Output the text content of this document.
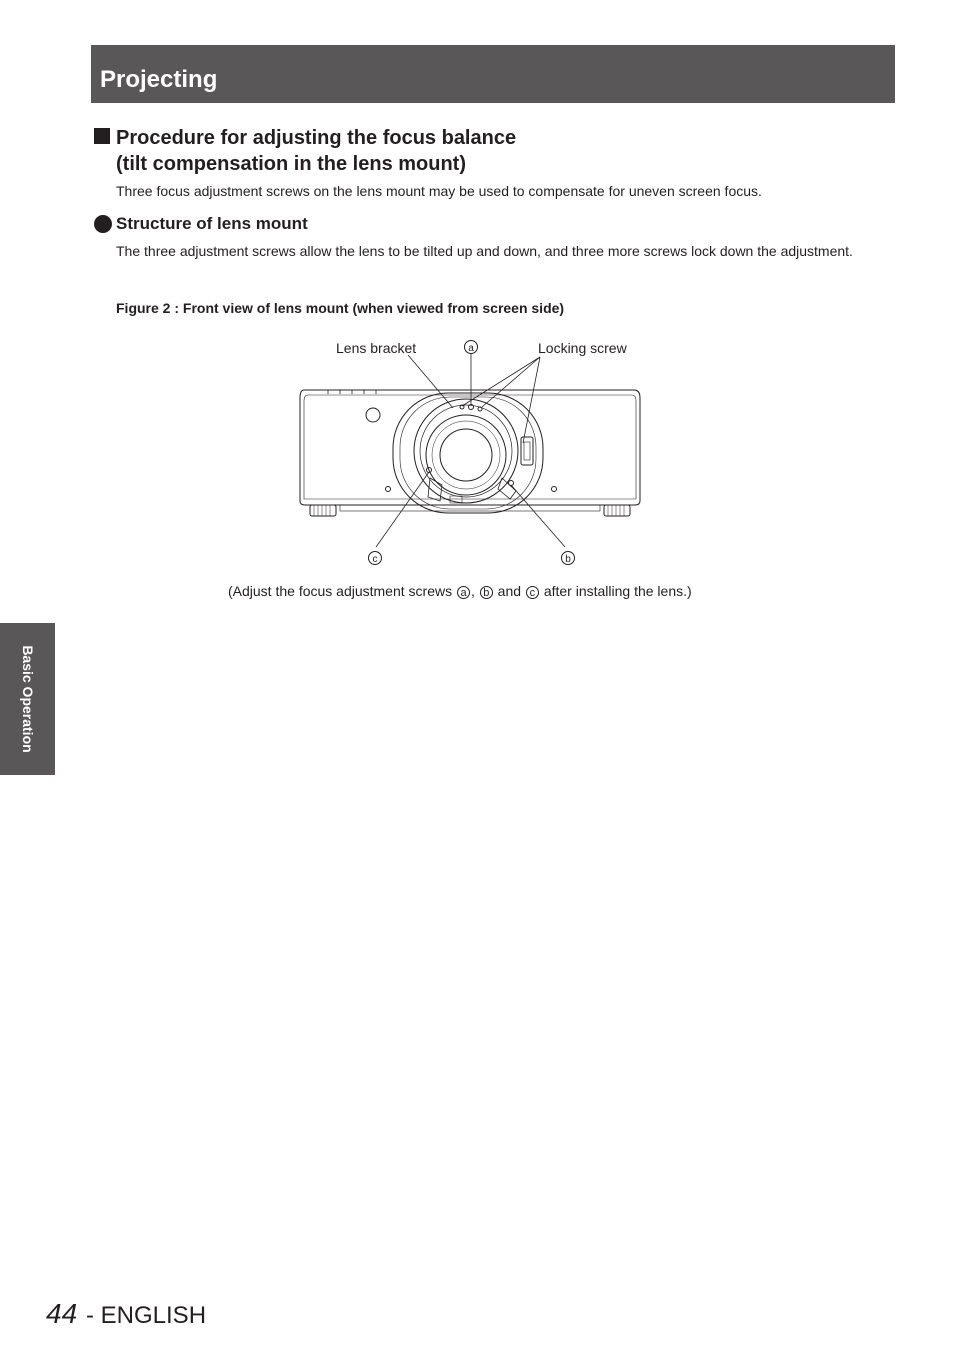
Projecting
Procedure for adjusting the focus balance
(tilt compensation in the lens mount)
Three focus adjustment screws on the lens mount may be used to compensate for uneven screen focus.
Structure of lens mount
The three adjustment screws allow the lens to be tilted up and down, and three more screws lock down the adjustment.
Figure 2 : Front view of lens mount (when viewed from screen side)
Lens bracket	Locking screw
a
b
c
(Adjust the focus adjustment screws a , b and c after installing the lens.)
Basic Operation
44 - ENGLISH
